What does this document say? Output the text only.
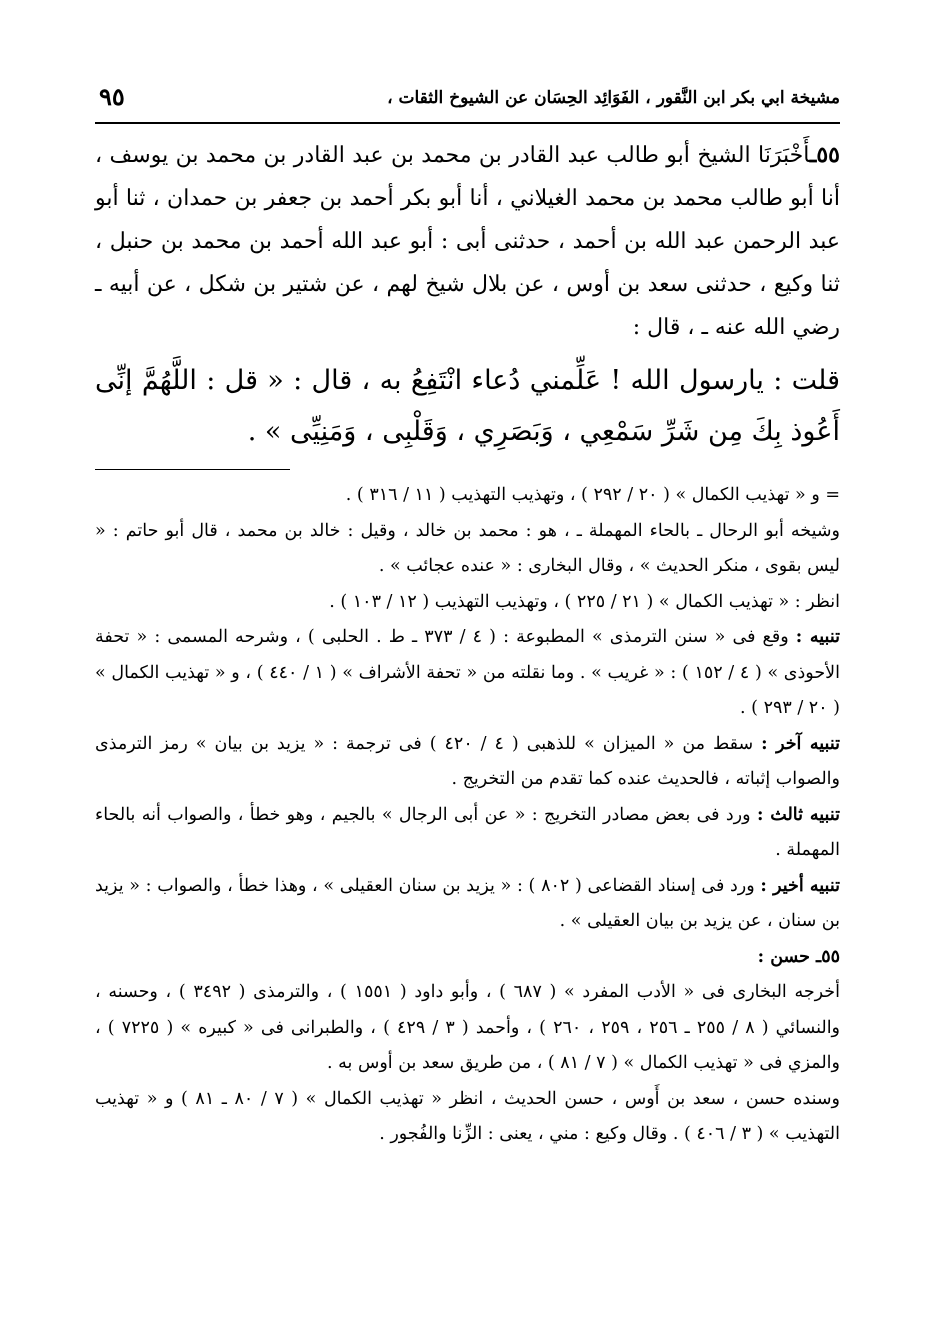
مشيخة ابي بكر ابن النَّقور ، الفَوَائِد الحِسَان عن الشيوخ الثقات ،
٩٥
٥٥ـأَخْبَرَنَا الشيخ أبو طالب عبد القادر بن محمد بن عبد القادر بن محمد بن يوسف ، أنا أبو طالب محمد بن محمد الغيلاني ، أنا أبو بكر أحمد بن جعفر بن حمدان ، ثنا أبو عبد الرحمن عبد الله بن أحمد ، حدثنى أبى : أبو عبد الله أحمد بن محمد بن حنبل ، ثنا وكيع ، حدثنى سعد بن أوس ، عن بلال شيخ لهم ، عن شتير بن شكل ، عن أبيه ـ رضي الله عنه ـ ، قال :
قلت : يارسول الله ! عَلِّمني دُعاء انْتَفِعُ به ، قال : « قل : اللَّهُمَّ إنِّى أَعُوذ بِكَ مِن شَرِّ سَمْعِي ، وَبَصَرِي ، وَقَلْبِى ، وَمَنِيِّى » .

= و « تهذيب الكمال » ( ٢٠ / ٢٩٢ ) ، وتهذيب التهذيب ( ١١ / ٣١٦ ) .

وشيخه أبو الرحال ـ بالحاء المهملة ـ ، هو : محمد بن خالد ، وقيل : خالد بن محمد ، قال أبو حاتم : « ليس بقوى ، منكر الحديث » ، وقال البخارى : « عنده عجائب » .

انظر : « تهذيب الكمال » ( ٢١ / ٢٢٥ ) ، وتهذيب التهذيب ( ١٢ / ١٠٣ ) .

تنبيه : وقع فى « سنن الترمذى » المطبوعة : ( ٤ / ٣٧٣ ـ ط . الحلبى ) ، وشرحه المسمى : « تحفة الأحوذى » ( ٤ / ١٥٢ ) : « غريب » . وما نقلته من « تحفة الأشراف » ( ١ / ٤٤٠ ) ، و « تهذيب الكمال » ( ٢٠ / ٢٩٣ ) .

تنبيه آخر : سقط من « الميزان » للذهبى ( ٤ / ٤٢٠ ) فى ترجمة : « يزيد بن بيان » رمز الترمذى والصواب إثباته ، فالحديث عنده كما تقدم من التخريج .

تنبيه ثالث : ورد فى بعض مصادر التخريج : « عن أبى الرجال » بالجيم ، وهو خطأ ، والصواب أنه بالحاء المهملة .

تنبيه أخير : ورد فى إسناد القضاعى ( ٨٠٢ ) : « يزيد بن سنان العقيلى » ، وهذا خطأ ، والصواب : « يزيد بن سنان ، عن يزيد بن بيان العقيلى » .

٥٥ـ حسن :

أخرجه البخارى فى « الأدب المفرد » ( ٦٨٧ ) ، وأبو داود ( ١٥٥١ ) ، والترمذى ( ٣٤٩٢ ) ، وحسنه ، والنسائي ( ٨ / ٢٥٥ ـ ٢٥٦ ، ٢٥٩ ، ٢٦٠ ) ، وأحمد ( ٣ / ٤٢٩ ) ، والطبرانى فى « كبيره » ( ٧٢٢٥ ) ، والمزي فى « تهذيب الكمال » ( ٧ / ٨١ ) ، من طريق سعد بن أوس به .

وسنده حسن ، سعد بن أَوس ، حسن الحديث ، انظر « تهذيب الكمال » ( ٧ / ٨٠ ـ ٨١ ) و « تهذيب التهذيب » ( ٣ / ٤٠٦ ) . وقال وكيع : مني ، يعنى : الزِّنا والفُجور .
